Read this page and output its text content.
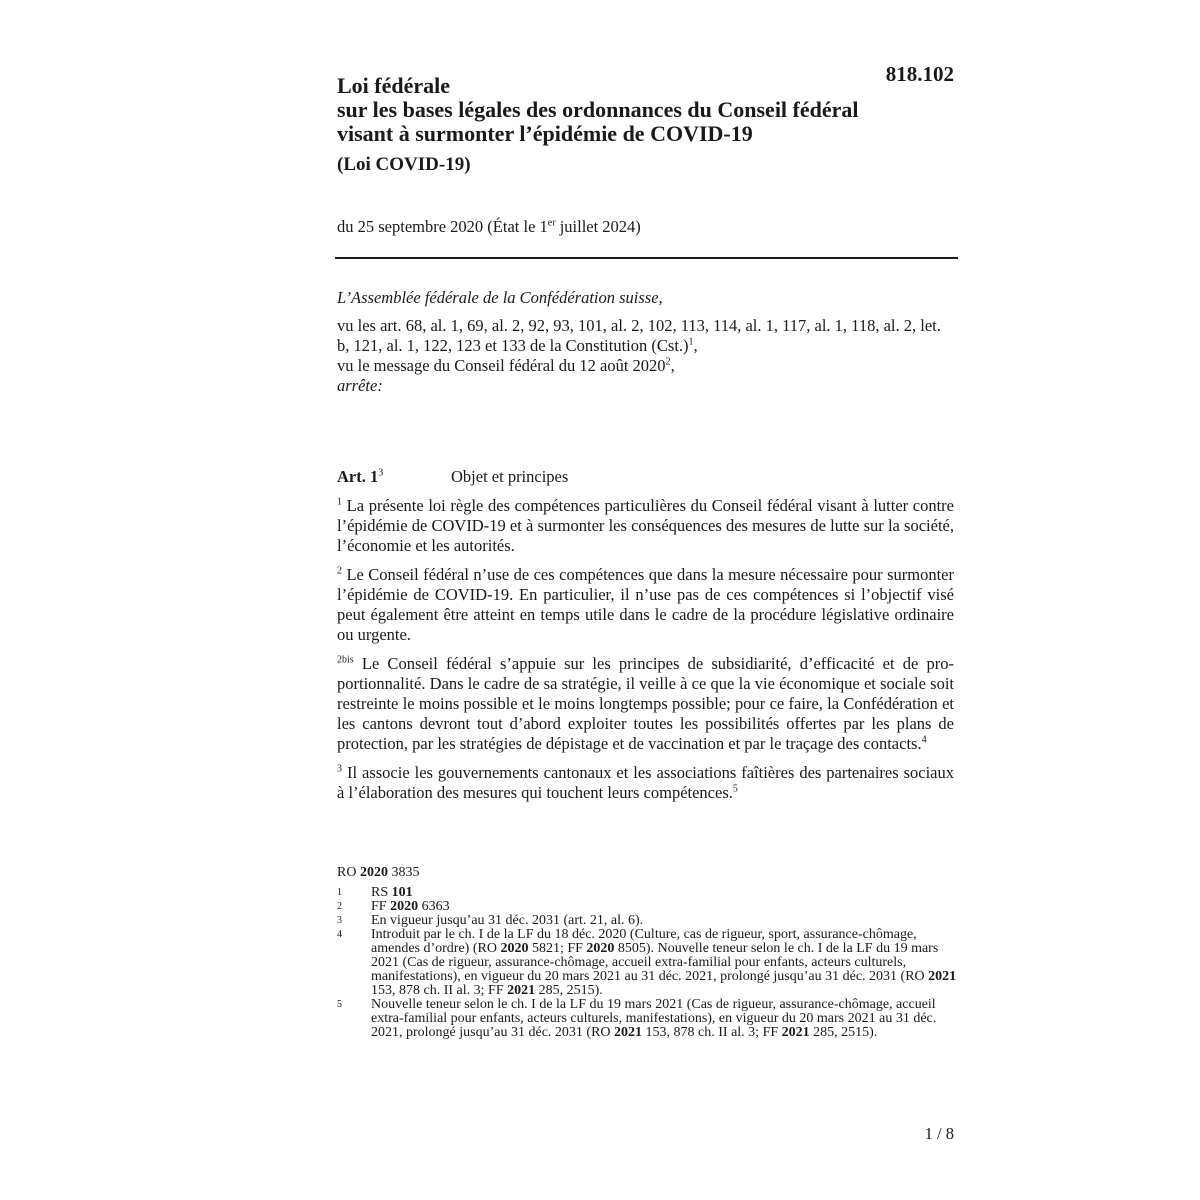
818.102
Loi fédérale
sur les bases légales des ordonnances du Conseil fédéral
visant à surmonter l’épidémie de COVID-19
(Loi COVID-19)
du 25 septembre 2020 (État le 1er juillet 2024)

L’Assemblée fédérale de la Confédération suisse,

vu les art. 68, al. 1, 69, al. 2, 92, 93, 101, al. 2, 102, 113, 114, al. 1, 117, al. 1, 118, al. 2, let. b, 121, al. 1, 122, 123 et 133 de la Constitution (Cst.)$^1$,

vu le message du Conseil fédéral du 12 août 2020$^2$,

arrête:

Art. 1$^3$	Objet et principes

$^1$ La présente loi règle des compétences particulières du Conseil fédéral visant à lutter contre l’épidémie de COVID-19 et à surmonter les conséquences des mesures de lutte sur la société, l’économie et les autorités.

$^2$ Le Conseil fédéral n’use de ces compétences que dans la mesure nécessaire pour surmonter l’épidémie de COVID-19. En particulier, il n’use pas de ces compétences si l’objectif visé peut également être atteint en temps utile dans le cadre de la procédure législative ordinaire ou urgente.

$^{2bis}$ Le Conseil fédéral s’appuie sur les principes de subsidiarité, d’efficacité et de proportionnalité. Dans le cadre de sa stratégie, il veille à ce que la vie économique et sociale soit restreinte le moins possible et le moins longtemps possible; pour ce faire, la Confédération et les cantons devront tout d’abord exploiter toutes les possibilités offertes par les plans de protection, par les stratégies de dépistage et de vaccination et par le traçage des contacts.$^4$

$^3$ Il associe les gouvernements cantonaux et les associations faîtières des partenaires sociaux à l’élaboration des mesures qui touchent leurs compétences.$^5$

RO 2020 3835
1	RS 101
2	FF 2020 6363
3	En vigueur jusqu’au 31 déc. 2031 (art. 21, al. 6).
4	Introduit par le ch. I de la LF du 18 déc. 2020 (Culture, cas de rigueur, sport, assurance-chômage, amendes d’ordre) (RO 2020 5821; FF 2020 8505). Nouvelle teneur selon le ch. I de la LF du 19 mars 2021 (Cas de rigueur, assurance-chômage, accueil extra-familial pour enfants, acteurs culturels, manifestations), en vigueur du 20 mars 2021 au 31 déc. 2021, prolongé jusqu’au 31 déc. 2031 (RO 2021 153, 878 ch. II al. 3; FF 2021 285, 2515).
5	Nouvelle teneur selon le ch. I de la LF du 19 mars 2021 (Cas de rigueur, assurance-chômage, accueil extra-familial pour enfants, acteurs culturels, manifestations), en vigueur du 20 mars 2021 au 31 déc. 2021, prolongé jusqu’au 31 déc. 2031 (RO 2021 153, 878 ch. II al. 3; FF 2021 285, 2515).
1 / 8
